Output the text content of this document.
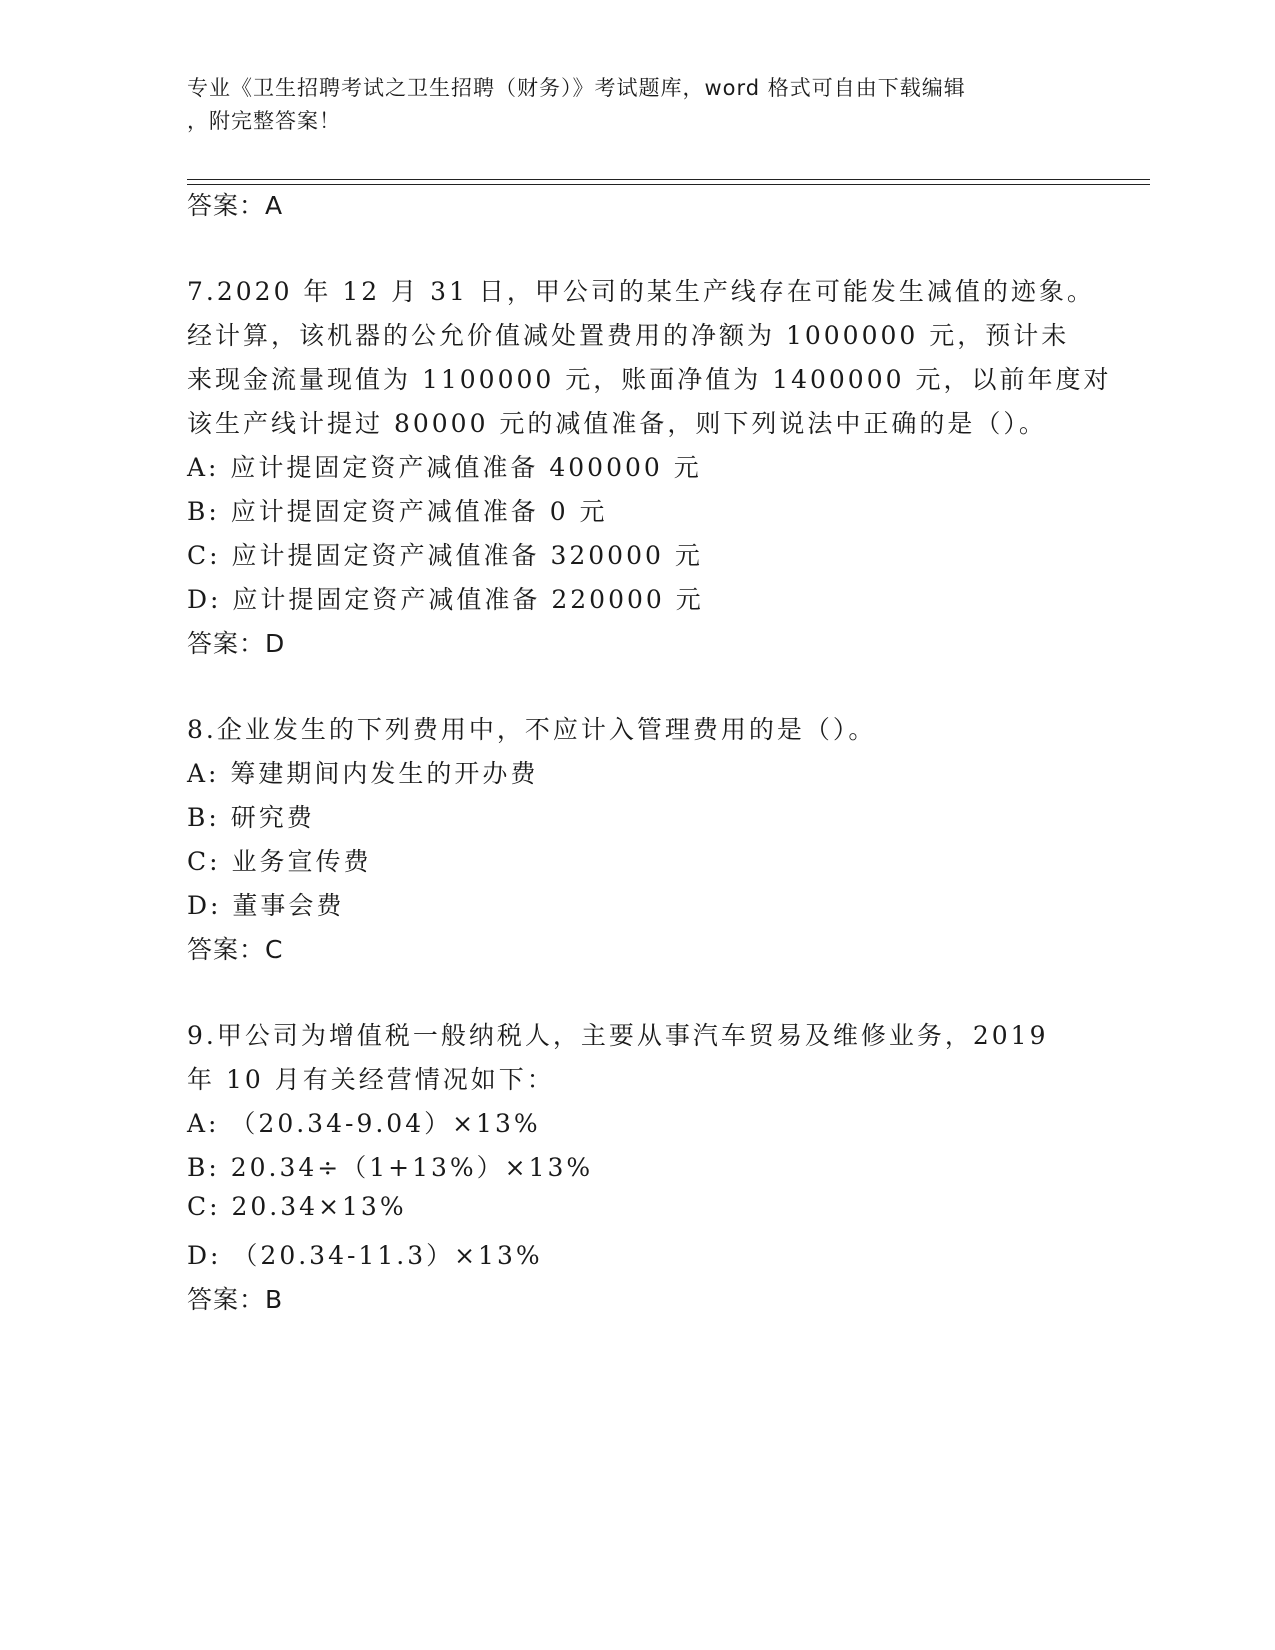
专业《卫生招聘考试之卫生招聘（财务）》考试题库，word 格式可自由下载编辑
，附完整答案！
答案：A
7.2020 年 12 月 31 日，甲公司的某生产线存在可能发生减值的迹象。
经计算，该机器的公允价值减处置费用的净额为 1000000 元，预计未
来现金流量现值为 1100000 元，账面净值为 1400000 元，以前年度对
该生产线计提过 80000 元的减值准备，则下列说法中正确的是（）。
A: 应计提固定资产减值准备 400000 元
B: 应计提固定资产减值准备 0 元
C: 应计提固定资产减值准备 320000 元
D: 应计提固定资产减值准备 220000 元
答案：D
8.企业发生的下列费用中，不应计入管理费用的是（）。
A: 筹建期间内发生的开办费
B: 研究费
C: 业务宣传费
D: 董事会费
答案：C
9.甲公司为增值税一般纳税人，主要从事汽车贸易及维修业务，2019
年 10 月有关经营情况如下：
A: （20.34-9.04）×13%
B: 20.34÷（1+13%）×13%
C: 20.34×13%
D: （20.34-11.3）×13%
答案：B
